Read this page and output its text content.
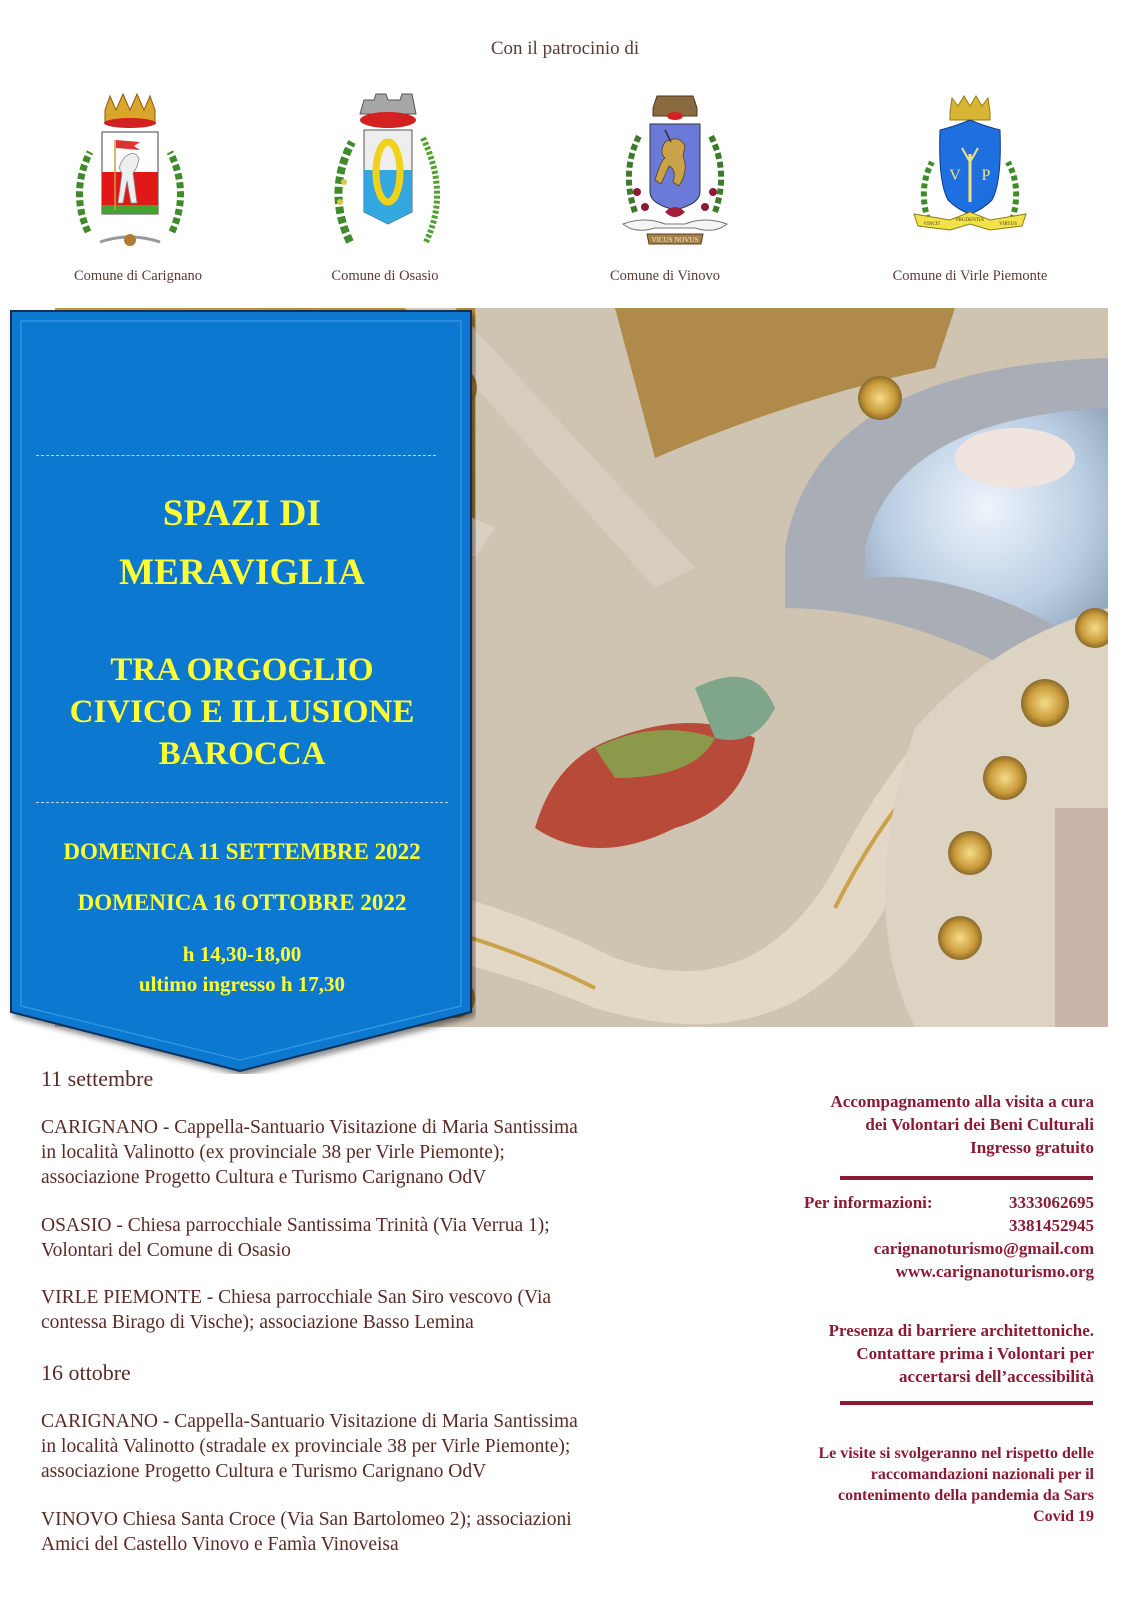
Con il patrocinio di
VICUS NOVUS
V P
VINCIT
PRUDENTIA
VIRTUS
Comune di Carignano	Comune di Osasio	Comune di Vinovo	Comune di Virle Piemonte
SPAZI DI
MERAVIGLIA
TRA ORGOGLIO
CIVICO E ILLUSIONE
BAROCCA
DOMENICA 11 SETTEMBRE 2022
DOMENICA 16 OTTOBRE 2022
h 14,30-18,00
ultimo ingresso h 17,30
11 settembre
CARIGNANO - Cappella-Santuario Visitazione di Maria Santissima
in località Valinotto (ex provinciale 38 per Virle Piemonte);
associazione Progetto Cultura e Turismo Carignano OdV
OSASIO - Chiesa parrocchiale Santissima Trinità (Via Verrua 1);
Volontari del Comune di Osasio
VIRLE PIEMONTE - Chiesa parrocchiale San Siro vescovo (Via
contessa Birago di Vische); associazione Basso Lemina
16 ottobre
CARIGNANO - Cappella-Santuario Visitazione di Maria Santissima
in località Valinotto (stradale ex provinciale 38 per Virle Piemonte);
associazione Progetto Cultura e Turismo Carignano OdV
VINOVO Chiesa Santa Croce (Via San Bartolomeo 2); associazioni
Amici del Castello Vinovo e Famìa Vinoveisa
Accompagnamento alla visita a cura
dei Volontari dei Beni Culturali
Ingresso gratuito
Per informazioni:	3333062695
3381452945
carignanoturismo@gmail.com
www.carignanoturismo.org
Presenza di barriere architettoniche.
Contattare prima i Volontari per
accertarsi dell’accessibilità
Le visite si svolgeranno nel rispetto delle
raccomandazioni nazionali per il
contenimento della pandemia da Sars
Covid 19
